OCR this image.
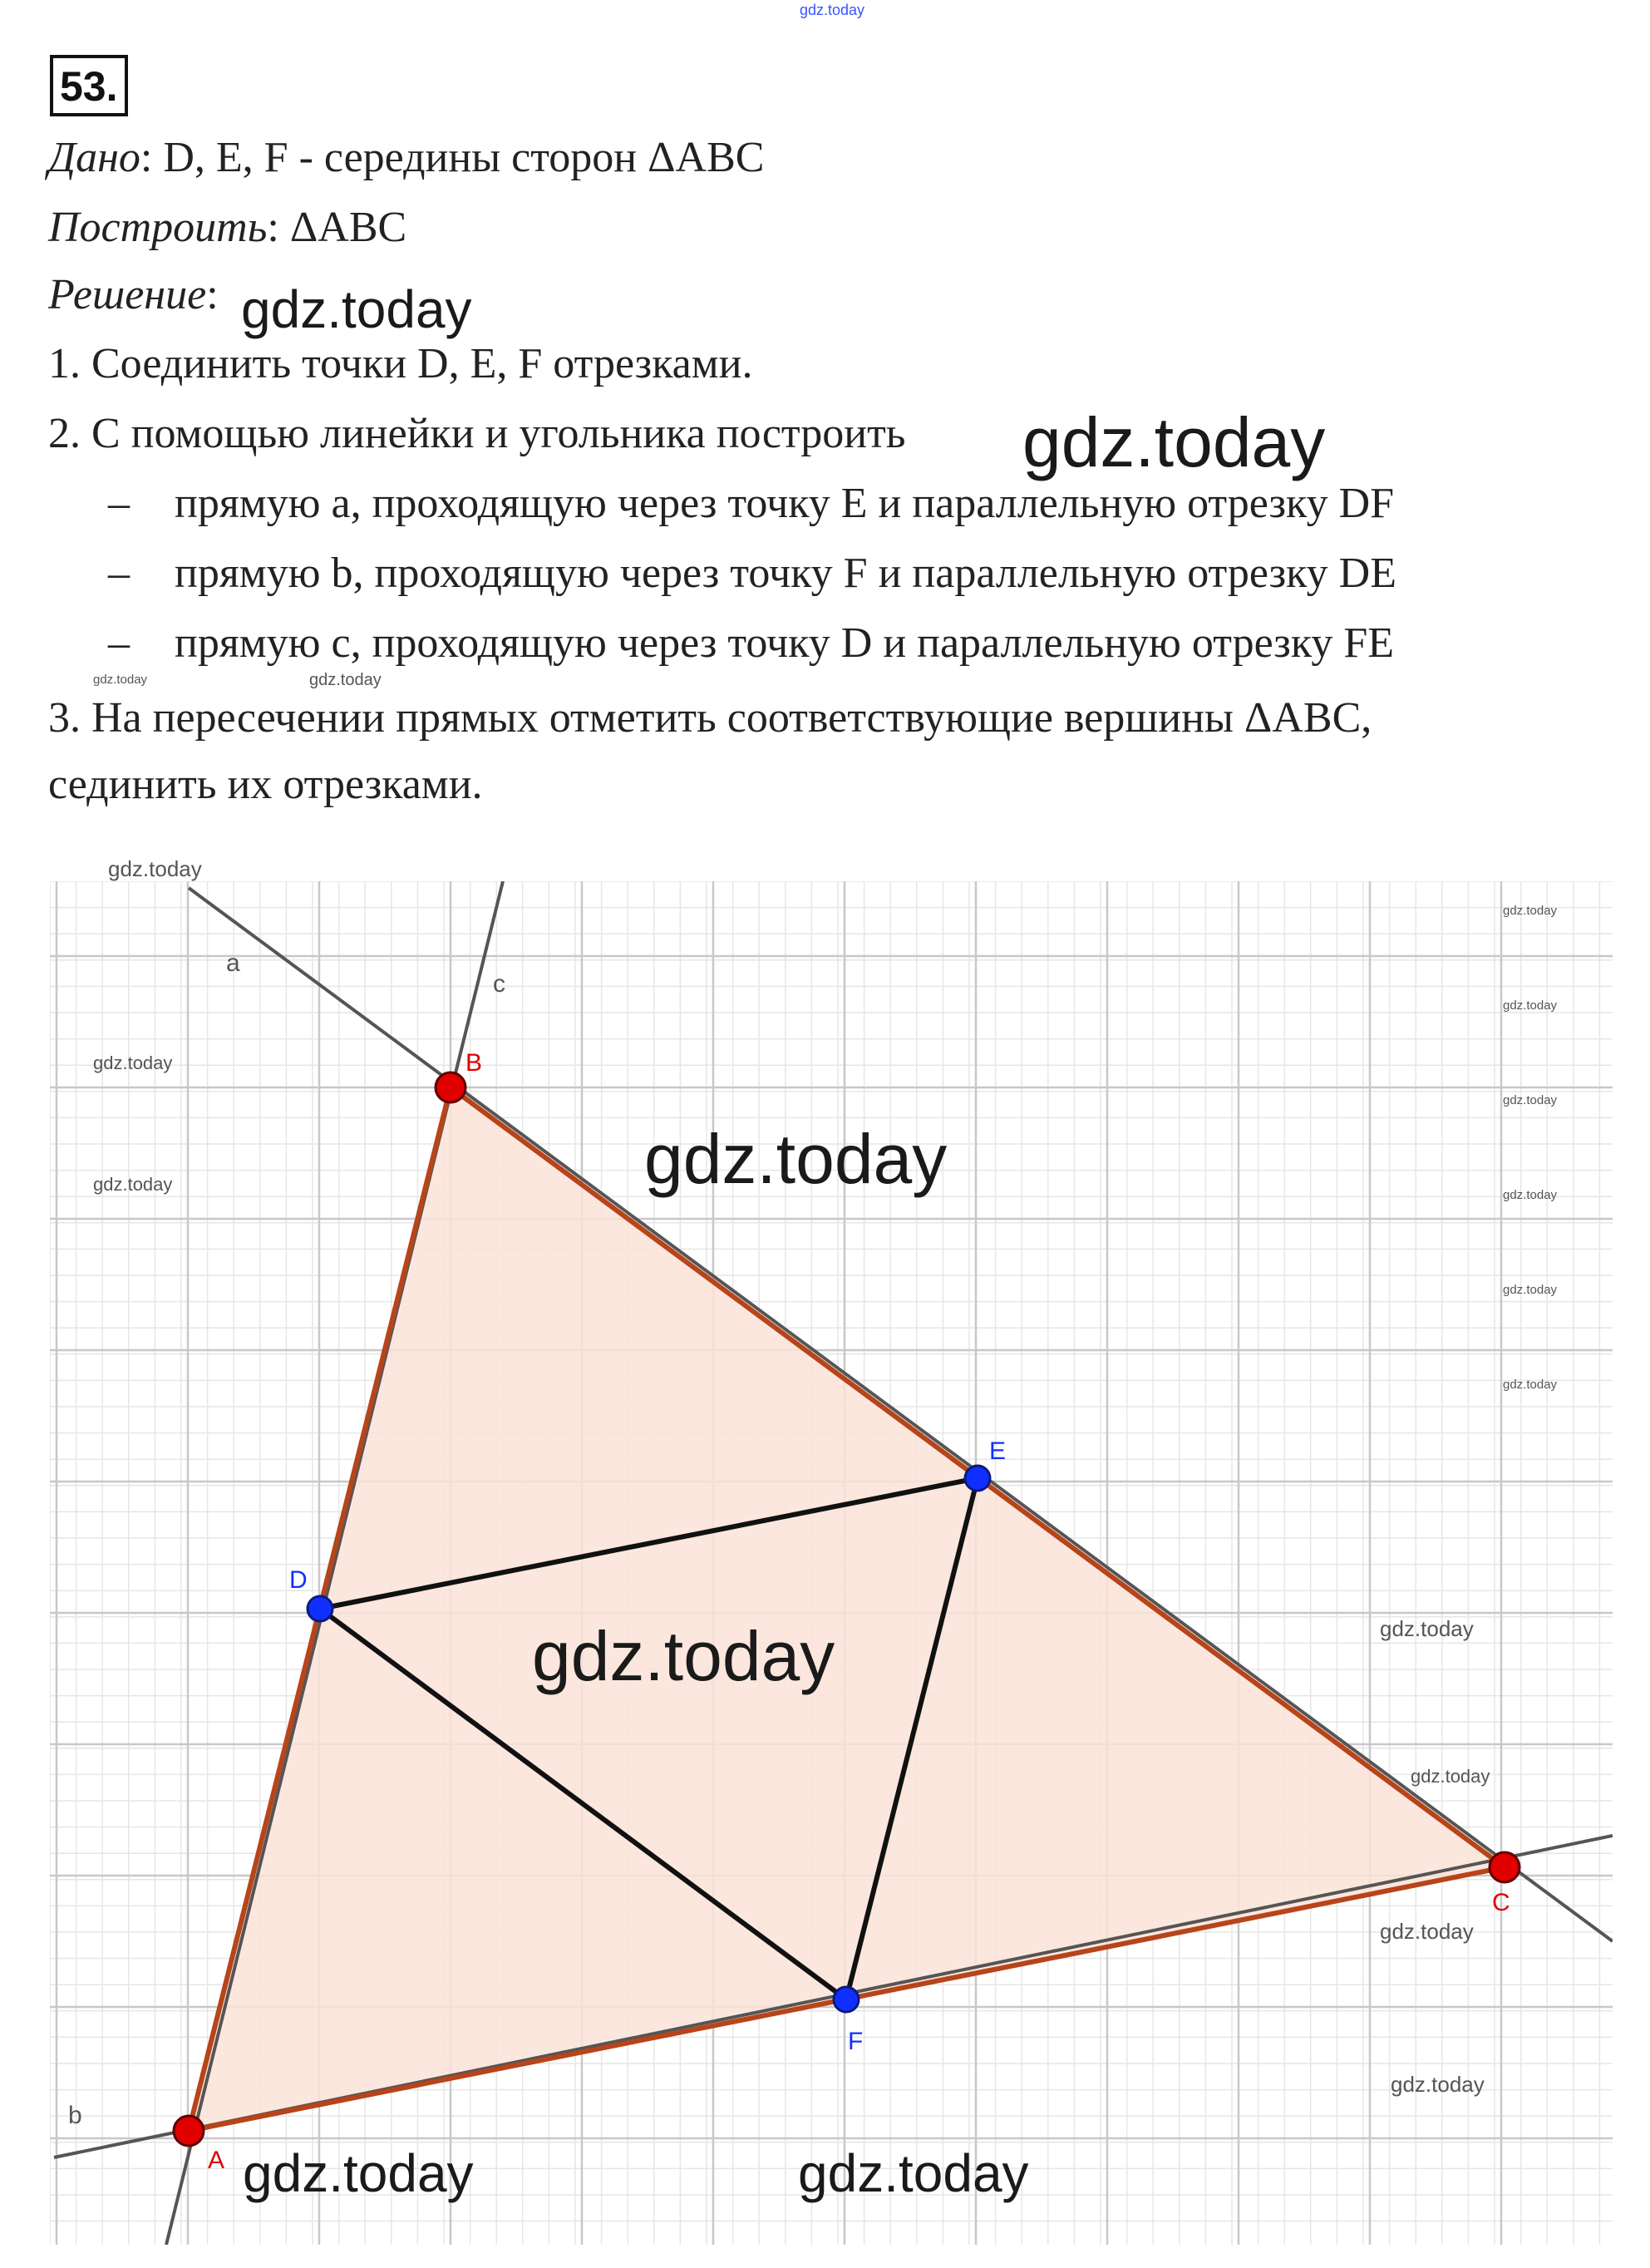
gdz.today
53.
Дано: D, E, F - середины сторон ΔABC
Построить: ΔABC
Решение:
1. Соединить точки D, E, F отрезками.
2. С помощью линейки и угольника построить
– прямую a, проходящую через точку E и параллельную отрезку DF
– прямую b, проходящую через точку F и параллельную отрезку DE
– прямую c, проходящую через точку D и параллельную отрезку FE
3. На пересечении прямых отметить соответствующие вершины ΔABC,
сединить их отрезками.
gdz.today
gdz.today
gdz.today	gdz.today
A
B
C
D
E
F
a
b
c
gdz.today
gdz.today
gdz.today
gdz.today
gdz.today
gdz.today
gdz.today
gdz.today
gdz.today	gdz.today
gdz.today	gdz.today
gdz.today
gdz.today
gdz.today
gdz.today	gdz.today
